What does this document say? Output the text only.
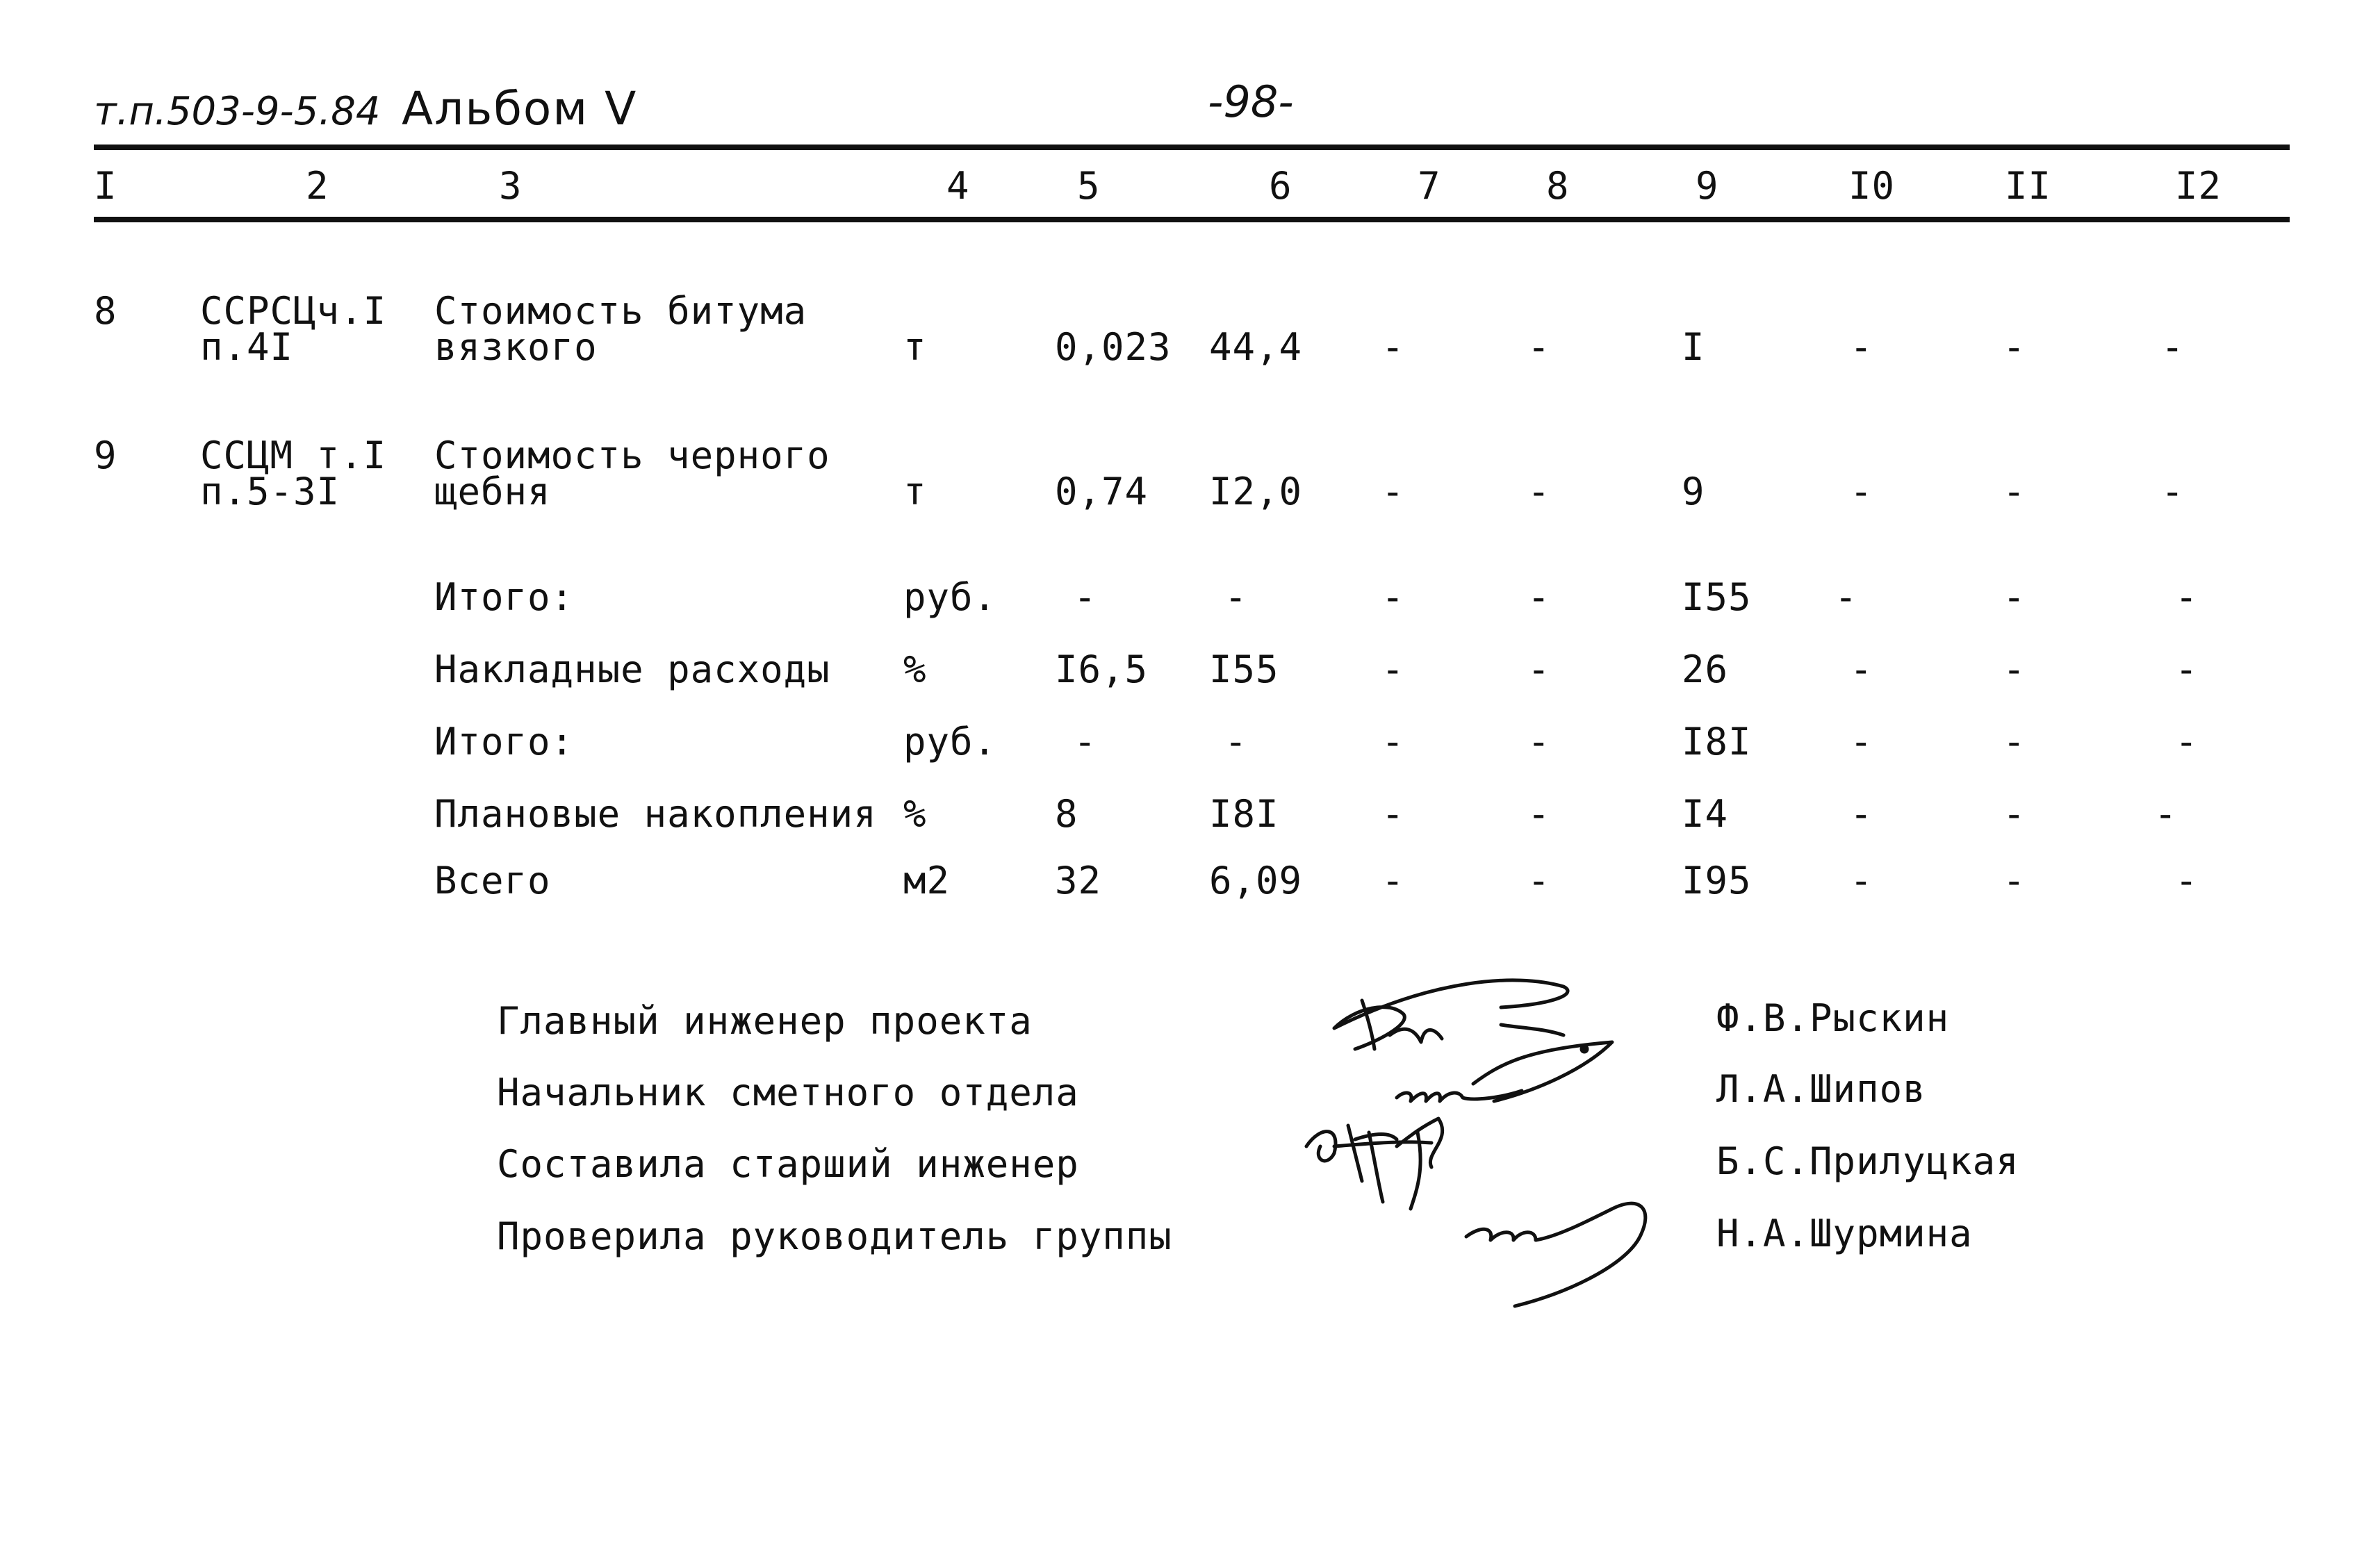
т.п.503-9-5.84 Альбом V	-98-
I	2	3	4	5	6	7	8	9	I0	II	I2
8 ССРСЦч.I
п.4I
Стоимость битума
вязкого	т	0,023 44,4 -	-	I	-	-	-
9 ССЦМ т.I
п.5-3I
Стоимость черного
щебня	т	0,74 I2,0 -	-	9	-	-	-
Итого:	руб. -	-	-	-	I55 -	-	-
Накладные расходы %	I6,5 I55	-	-	26	-	-	-
Итого:	руб. -	-	-	-	I8I	-	-	-
Плановые накопления %	8	I8I	-	-	I4	-	-	-
Всего	м2	32	6,09 -	-	I95	-	-	-
Главный инженер проекта	Ф.В.Рыскин
Начальник сметного отдела	Л.А.Шипов
Составила старший инженер	Б.С.Прилуцкая
Проверила руководитель группы	Н.А.Шурмина
